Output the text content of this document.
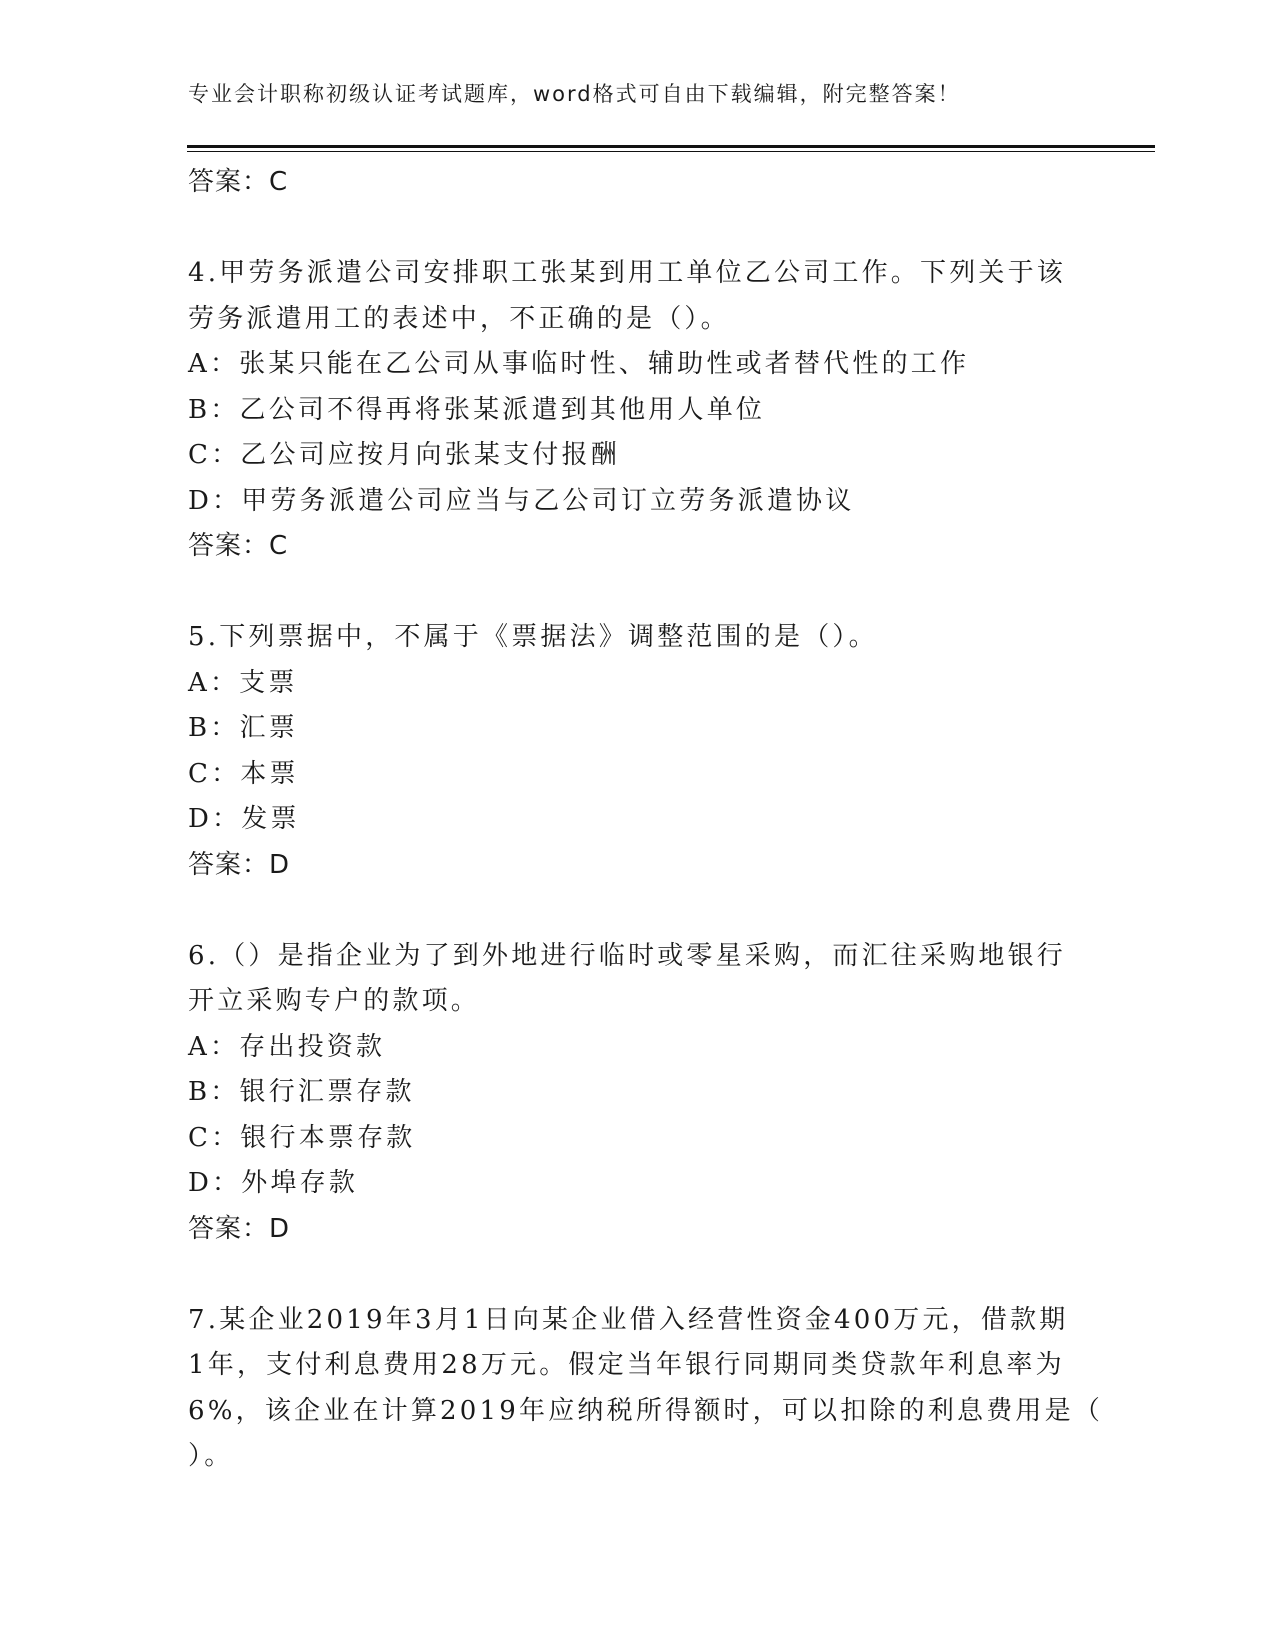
专业会计职称初级认证考试题库，word格式可自由下载编辑，附完整答案！
答案：C
4.甲劳务派遣公司安排职工张某到用工单位乙公司工作。下列关于该
劳务派遣用工的表述中，不正确的是（）。
A：张某只能在乙公司从事临时性、辅助性或者替代性的工作
B：乙公司不得再将张某派遣到其他用人单位
C：乙公司应按月向张某支付报酬
D：甲劳务派遣公司应当与乙公司订立劳务派遣协议
答案：C
5.下列票据中，不属于《票据法》调整范围的是（）。
A：支票
B：汇票
C：本票
D：发票
答案：D
6.（）是指企业为了到外地进行临时或零星采购，而汇往采购地银行
开立采购专户的款项。
A：存出投资款
B：银行汇票存款
C：银行本票存款
D：外埠存款
答案：D
7.某企业2019年3月1日向某企业借入经营性资金400万元，借款期
1年，支付利息费用28万元。假定当年银行同期同类贷款年利息率为
6%，该企业在计算2019年应纳税所得额时，可以扣除的利息费用是（
）。
